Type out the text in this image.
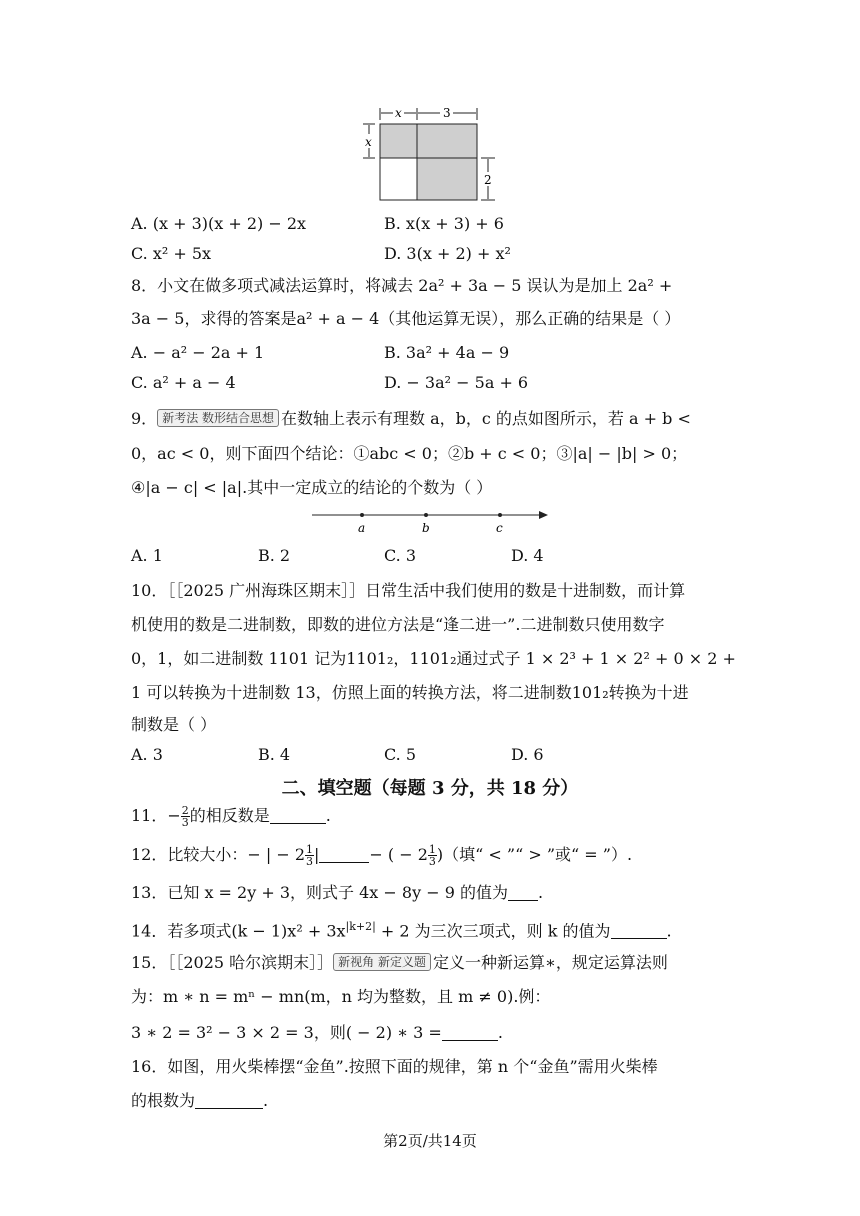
x	3
x
2
A. (x + 3)(x + 2) − 2x	B. x(x + 3) + 6
C. x² + 5x	D. 3(x + 2) + x²
8．小文在做多项式减法运算时，将减去 2a² + 3a − 5 误认为是加上 2a² +
3a − 5，求得的答案是a² + a − 4（其他运算无误），那么正确的结果是（ ）
A. − a² − 2a + 1	B. 3a² + 4a − 9
C. a² + a − 4	D. − 3a² − 5a + 6
9． 新考法 数形结合思想 在数轴上表示有理数 a，b，c 的点如图所示，若 a + b <
0，ac < 0，则下面四个结论：①abc < 0；②b + c < 0；③|a| − |b| > 0；
④|a − c| < |a|.其中一定成立的结论的个数为（ ）
a	b	c
A. 1	B. 2	C. 3	D. 4
10．［［2025 广州海珠区期末］］日常生活中我们使用的数是十进制数，而计算
机使用的数是二进制数，即数的进位方法是“逢二进一”.二进制数只使用数字
0，1，如二进制数 1101 记为1101₂，1101₂通过式子 1 × 2³ + 1 × 2² + 0 × 2 +
1 可以转换为十进制数 13，仿照上面的转换方法，将二进制数101₂转换为十进
制数是（ ）
A. 3	B. 4	C. 5	D. 6
二、填空题（每题 3 分，共 18 分）
11．− $\frac{2}{3}$ 的相反数是	.
12．比较大小：− | − $2 \frac{1}{3}$ |	− ( − $2 \frac{1}{3}$ )（填“ < ”“ > ”或“ = ”）.
13．已知 x = 2y + 3，则式子 4x − 8y − 9 的值为 .
14．若多项式$(k - 1)x^2 + 3x^{|k+2|} + 2$ 为三次三项式，则 k 的值为	.
15．［［2025 哈尔滨期末］］ 新视角 新定义题 定义一种新运算∗，规定运算法则
为：m ∗ n = mⁿ − mn(m，n 均为整数，且 m ≠ 0).例：
3 ∗ 2 = 3² − 3 × 2 = 3，则( − 2) ∗ 3 =	.
16．如图，用火柴棒摆“金鱼”.按照下面的规律，第 n 个“金鱼”需用火柴棒
的根数为	.
第2页/共14页
